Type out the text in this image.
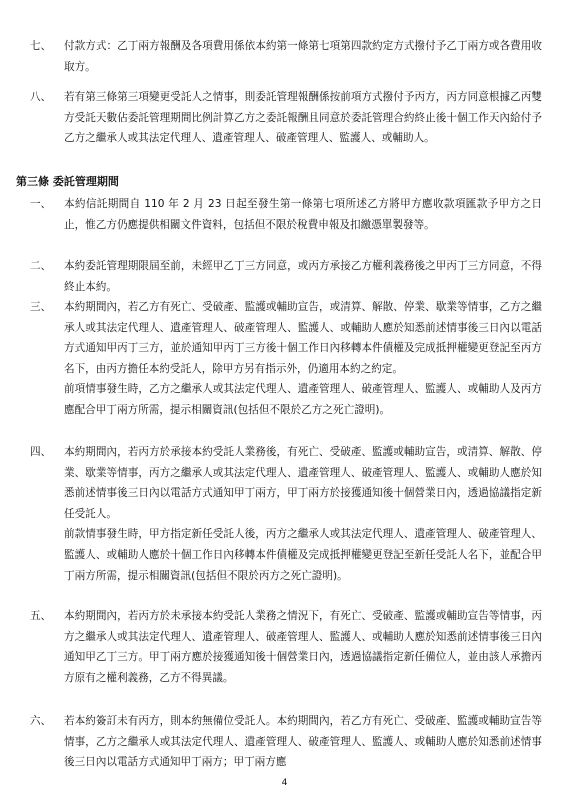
七、	付款方式：乙丁兩方報酬及各項費用係依本約第一條第七項第四款約定方式撥付予乙丁兩方或各費用收取方。
八、	若有第三條第三項變更受託人之情事，則委託管理報酬係按前項方式撥付予丙方，丙方同意根據乙丙雙方受託天數佔委託管理期間比例計算乙方之委託報酬且同意於委託管理合約終止後十個工作天內給付予乙方之繼承人或其法定代理人、遺產管理人、破產管理人、監護人、或輔助人。
第三條 委託管理期間
一、	本約信託期間自 110 年 2 月 23 日起至發生第一條第七項所述乙方將甲方應收款項匯款予甲方之日止，惟乙方仍應提供相關文件資料，包括但不限於稅費申報及扣繳憑單製發等。
二、	本約委託管理期限屆至前，未經甲乙丁三方同意，或丙方承接乙方權利義務後之甲丙丁三方同意，不得終止本約。
三、	本約期間內，若乙方有死亡、受破產、監護或輔助宣告，或清算、解散、停業、歇業等情事，乙方之繼承人或其法定代理人、遺產管理人、破產管理人、監護人、或輔助人應於知悉前述情事後三日內以電話方式通知甲丙丁三方，並於通知甲丙丁三方後十個工作日內移轉本件債權及完成抵押權變更登記至丙方名下，由丙方擔任本約受託人，除甲方另有指示外，仍適用本約之約定。
前項情事發生時，乙方之繼承人或其法定代理人、遺產管理人、破產管理人、監護人、或輔助人及丙方應配合甲丁兩方所需，提示相關資訊(包括但不限於乙方之死亡證明)。
四、	本約期間內，若丙方於承接本約受託人業務後，有死亡、受破產、監護或輔助宣告，或清算、解散、停業、歇業等情事，丙方之繼承人或其法定代理人、遺產管理人、破產管理人、監護人、或輔助人應於知悉前述情事後三日內以電話方式通知甲丁兩方，甲丁兩方於接獲通知後十個營業日內，透過協議指定新任受託人。
前款情事發生時，甲方指定新任受託人後，丙方之繼承人或其法定代理人、遺產管理人、破產管理人、監護人、或輔助人應於十個工作日內移轉本件債權及完成抵押權變更登記至新任受託人名下，並配合甲丁兩方所需，提示相關資訊(包括但不限於丙方之死亡證明)。
五、	本約期間內，若丙方於未承接本約受託人業務之情況下，有死亡、受破產、監護或輔助宣告等情事，丙方之繼承人或其法定代理人、遺產管理人、破產管理人、監護人、或輔助人應於知悉前述情事後三日內通知甲乙丁三方。甲丁兩方應於接獲通知後十個營業日內，透過協議指定新任備位人，並由該人承擔丙方原有之權利義務，乙方不得異議。
六、	若本約簽訂未有丙方，則本約無備位受託人。本約期間內，若乙方有死亡、受破產、監護或輔助宣告等情事，乙方之繼承人或其法定代理人、遺產管理人、破產管理人、監護人、或輔助人應於知悉前述情事後三日內以電話方式通知甲丁兩方；甲丁兩方應
4
